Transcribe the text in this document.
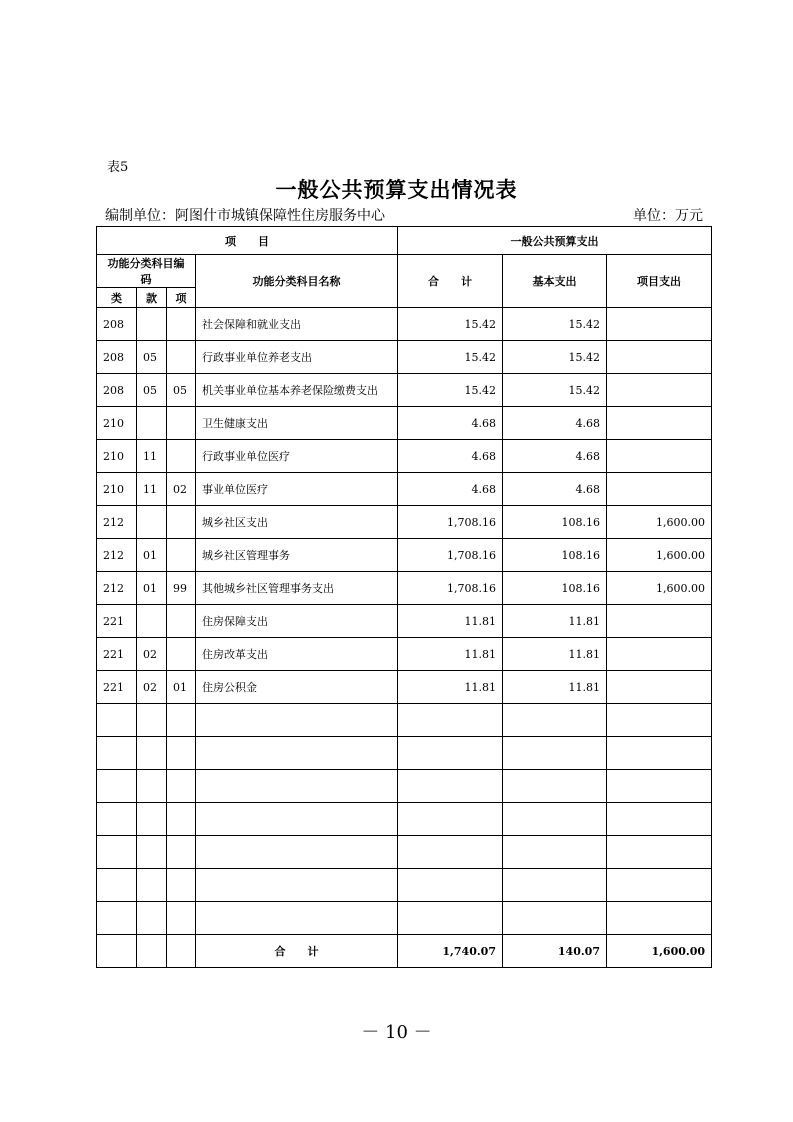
表5
一般公共预算支出情况表
编制单位：阿图什市城镇保障性住房服务中心	单位：万元
项　　目				一般公共预算支出		
功能分类科目编码			功能分类科目名称	合　　计	基本支出	项目支出
类	款	项				
208			社会保障和就业支出	15.42	15.42	
208	05		行政事业单位养老支出	15.42	15.42	
208	05	05	机关事业单位基本养老保险缴费支出	15.42	15.42	
210			卫生健康支出	4.68	4.68	
210	11		行政事业单位医疗	4.68	4.68	
210	11	02	事业单位医疗	4.68	4.68	
212			城乡社区支出	1,708.16	108.16	1,600.00
212	01		城乡社区管理事务	1,708.16	108.16	1,600.00
212	01	99	其他城乡社区管理事务支出	1,708.16	108.16	1,600.00
221			住房保障支出	11.81	11.81	
221	02		住房改革支出	11.81	11.81	
221	02	01	住房公积金	11.81	11.81	

			合　　计	1,740.07	140.07	1,600.00
－ 10 －
